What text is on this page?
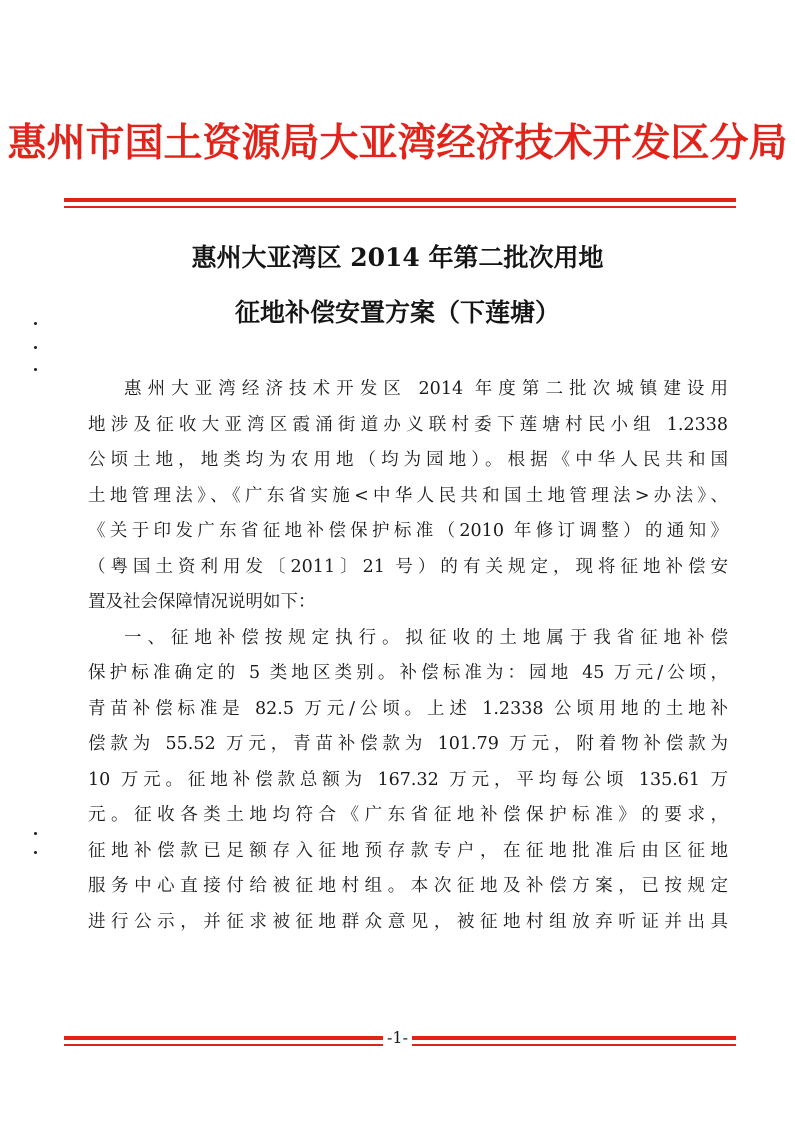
惠州市国土资源局大亚湾经济技术开发区分局
惠州大亚湾区 2014 年第二批次用地
征地补偿安置方案（下莲塘）
惠州大亚湾经济技术开发区 2014 年度第二批次城镇建设用
地涉及征收大亚湾区霞涌街道办义联村委下莲塘村民小组 1.2338
公顷土地，地类均为农用地（均为园地）。根据《中华人民共和国
土地管理法》、《广东省实施<中华人民共和国土地管理法>办法》、
《关于印发广东省征地补偿保护标准（2010 年修订调整）的通知》
（粤国土资利用发〔2011〕21 号）的有关规定，现将征地补偿安
置及社会保障情况说明如下：
一、征地补偿按规定执行。拟征收的土地属于我省征地补偿
保护标准确定的 5 类地区类别。补偿标准为：园地 45 万元/公顷，
青苗补偿标准是 82.5 万元/公顷。上述 1.2338 公顷用地的土地补
偿款为 55.52 万元，青苗补偿款为 101.79 万元，附着物补偿款为
10 万元。征地补偿款总额为 167.32 万元，平均每公顷 135.61 万
元。征收各类土地均符合《广东省征地补偿保护标准》的要求，
征地补偿款已足额存入征地预存款专户，在征地批准后由区征地
服务中心直接付给被征地村组。本次征地及补偿方案，已按规定
进行公示，并征求被征地群众意见，被征地村组放弃听证并出具
-1-
